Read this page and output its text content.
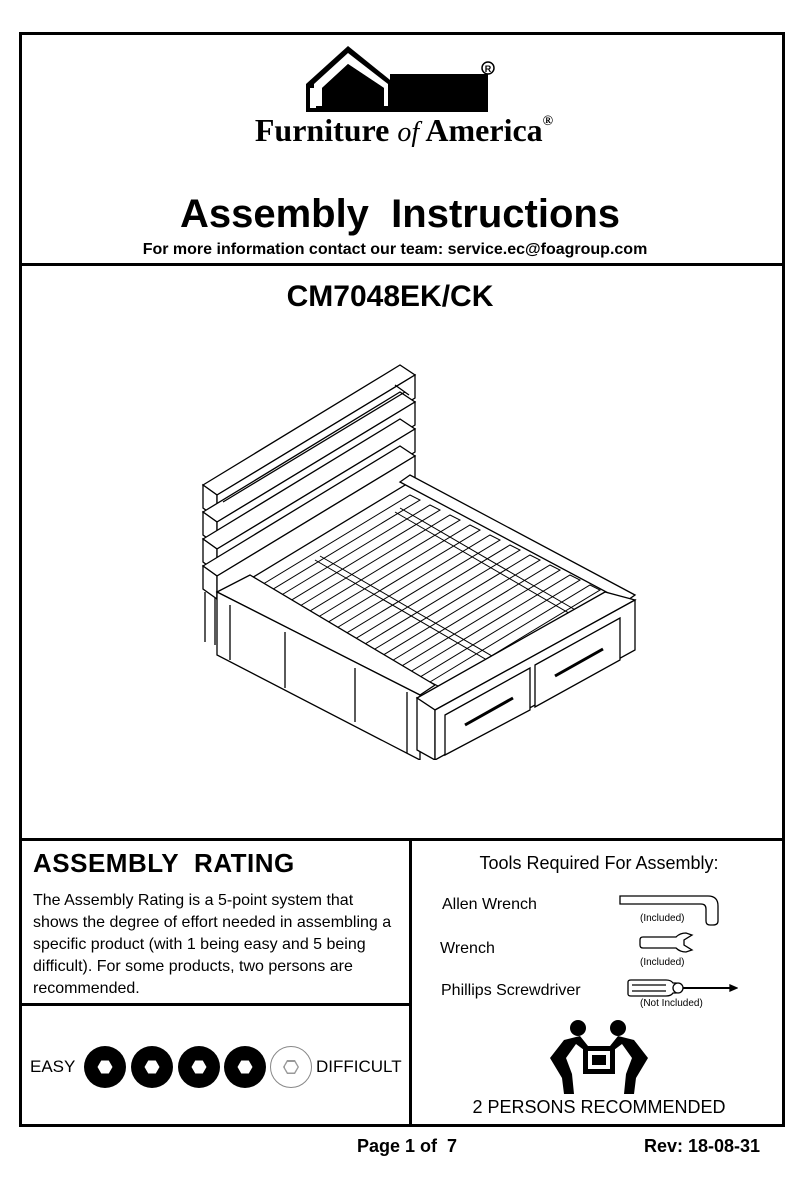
R
Furniture of America®
Assembly  Instructions
For more information contact our team: service.ec@foagroup.com
CM7048EK/CK
ASSEMBLY  RATING
The Assembly Rating is a 5-point system that shows the degree of effort needed in assembling a specific product (with 1 being easy and 5 being difficult). For some products, two persons are recommended.
EASY	DIFFICULT
Tools Required For Assembly:
Allen Wrench
(Included)
Wrench
(Included)
Phillips Screwdriver
(Not Included)
2 PERSONS RECOMMENDED
Page 1 of  7	Rev: 18-08-31
